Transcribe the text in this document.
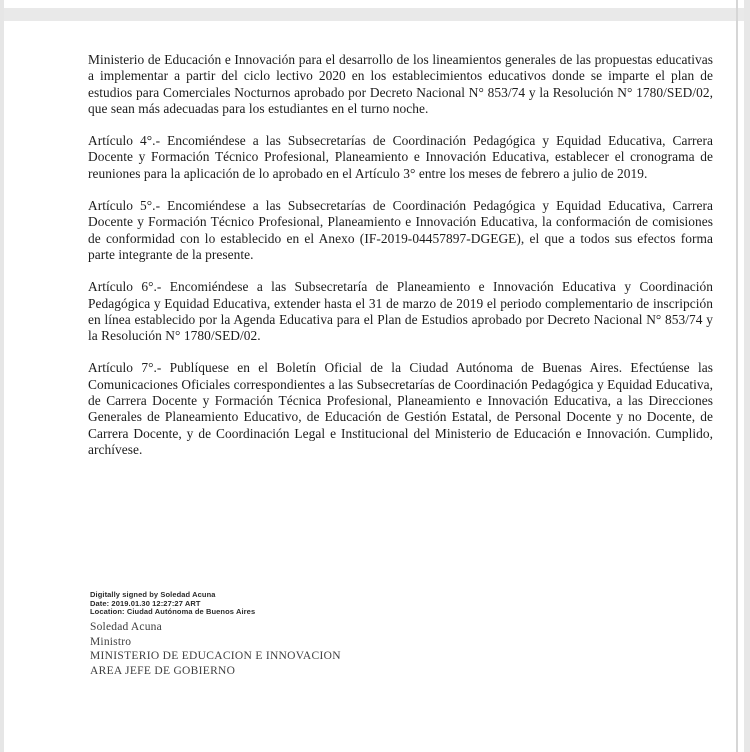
Ministerio de Educación e Innovación para el desarrollo de los lineamientos generales de las propuestas educativas a implementar a partir del ciclo lectivo 2020 en los establecimientos educativos donde se imparte el plan de estudios para Comerciales Nocturnos aprobado por Decreto Nacional N° 853/74 y la Resolución N° 1780/SED/02, que sean más adecuadas para los estudiantes en el turno noche.

Artículo 4°.- Encomiéndese a las Subsecretarías de Coordinación Pedagógica y Equidad Educativa, Carrera Docente y Formación Técnico Profesional, Planeamiento e Innovación Educativa, establecer el cronograma de reuniones para la aplicación de lo aprobado en el Artículo 3° entre los meses de febrero a julio de 2019.

Artículo 5°.- Encomiéndese a las Subsecretarías de Coordinación Pedagógica y Equidad Educativa, Carrera Docente y Formación Técnico Profesional, Planeamiento e Innovación Educativa, la conformación de comisiones de conformidad con lo establecido en el Anexo (IF-2019-04457897-DGEGE), el que a todos sus efectos forma parte integrante de la presente.

Artículo 6°.- Encomiéndese a las Subsecretaría de Planeamiento e Innovación Educativa y Coordinación Pedagógica y Equidad Educativa, extender hasta el 31 de marzo de 2019 el periodo complementario de inscripción en línea establecido por la Agenda Educativa para el Plan de Estudios aprobado por Decreto Nacional N° 853/74 y la Resolución N° 1780/SED/02.

Artículo 7°.- Publíquese en el Boletín Oficial de la Ciudad Autónoma de Buenas Aires. Efectúense las Comunicaciones Oficiales correspondientes a las Subsecretarías de Coordinación Pedagógica y Equidad Educativa, de Carrera Docente y Formación Técnica Profesional, Planeamiento e Innovación Educativa, a las Direcciones Generales de Planeamiento Educativo, de Educación de Gestión Estatal, de Personal Docente y no Docente, de Carrera Docente, y de Coordinación Legal e Institucional del Ministerio de Educación e Innovación. Cumplido, archívese.

Digitally signed by Soledad Acuna
Date: 2019.01.30 12:27:27 ART
Location: Ciudad Autónoma de Buenos Aires
Soledad Acuna
Ministro
MINISTERIO DE EDUCACION E INNOVACION
AREA JEFE DE GOBIERNO
